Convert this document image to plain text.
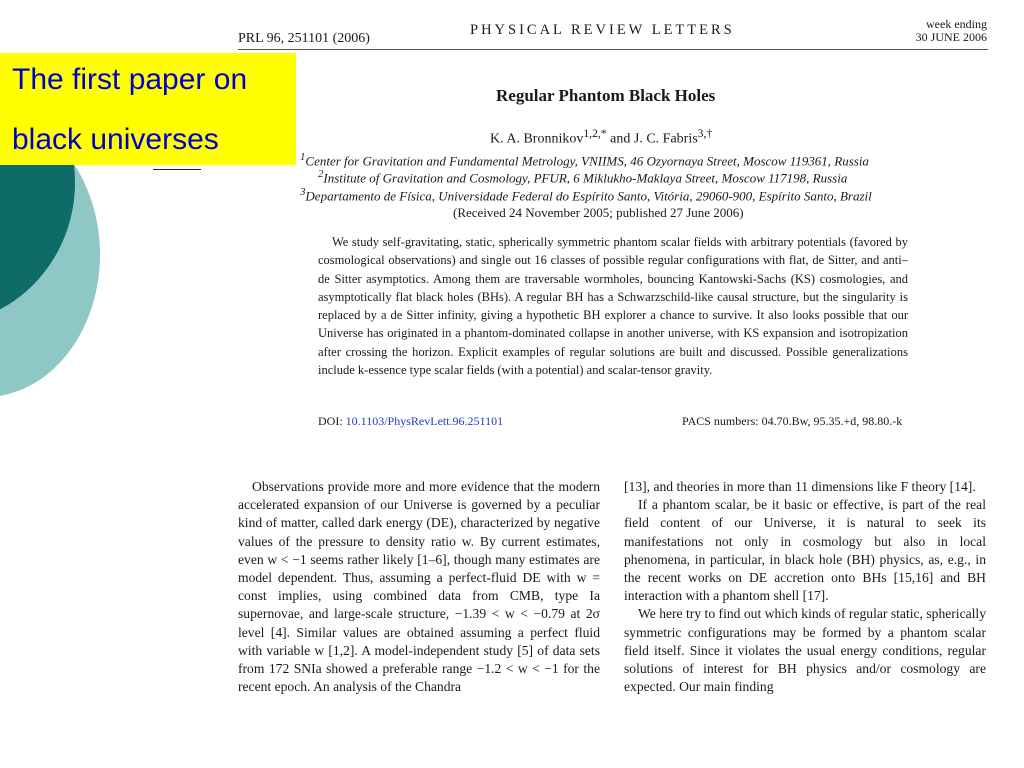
PRL 96, 251101 (2006)
PHYSICAL REVIEW LETTERS	week ending
30 JUNE 2006
The first paper on
black universes
Regular Phantom Black Holes
K. A. Bronnikov$^{1,2,*}$ and J. C. Fabris$^{3,\dagger}$
$^1$Center for Gravitation and Fundamental Metrology, VNIIMS, 46 Ozyornaya Street, Moscow 119361, Russia
$^2$Institute of Gravitation and Cosmology, PFUR, 6 Miklukho-Maklaya Street, Moscow 117198, Russia
$^3$Departamento de Física, Universidade Federal do Espírito Santo, Vitória, 29060-900, Espírito Santo, Brazil
(Received 24 November 2005; published 27 June 2006)
We study self-gravitating, static, spherically symmetric phantom scalar fields with arbitrary potentials (favored by cosmological observations) and single out 16 classes of possible regular configurations with flat, de Sitter, and anti–de Sitter asymptotics. Among them are traversable wormholes, bouncing Kantowski-Sachs (KS) cosmologies, and asymptotically flat black holes (BHs). A regular BH has a Schwarzschild-like causal structure, but the singularity is replaced by a de Sitter infinity, giving a hypothetic BH explorer a chance to survive. It also looks possible that our Universe has originated in a phantom-dominated collapse in another universe, with KS expansion and isotropization after crossing the horizon. Explicit examples of regular solutions are built and discussed. Possible generalizations include k-essence type scalar fields (with a potential) and scalar-tensor gravity.
DOI: 10.1103/PhysRevLett.96.251101	PACS numbers: 04.70.Bw, 95.35.+d, 98.80.-k

Observations provide more and more evidence that the modern accelerated expansion of our Universe is governed by a peculiar kind of matter, called dark energy (DE), characterized by negative values of the pressure to density ratio w. By current estimates, even w < −1 seems rather likely [1–6], though many estimates are model dependent. Thus, assuming a perfect-fluid DE with w = const implies, using combined data from CMB, type Ia supernovae, and large-scale structure, −1.39 < w < −0.79 at 2σ level [4]. Similar values are obtained assuming a perfect fluid with variable w [1,2]. A model-independent study [5] of data sets from 172 SNIa showed a preferable range −1.2 < w < −1 for the recent epoch. An analysis of the Chandra

[13], and theories in more than 11 dimensions like F theory [14].

If a phantom scalar, be it basic or effective, is part of the real field content of our Universe, it is natural to seek its manifestations not only in cosmology but also in local phenomena, in particular, in black hole (BH) physics, as, e.g., in the recent works on DE accretion onto BHs [15,16] and BH interaction with a phantom shell [17].

We here try to find out which kinds of regular static, spherically symmetric configurations may be formed by a phantom scalar field itself. Since it violates the usual energy conditions, regular solutions of interest for BH physics and/or cosmology are expected. Our main finding
